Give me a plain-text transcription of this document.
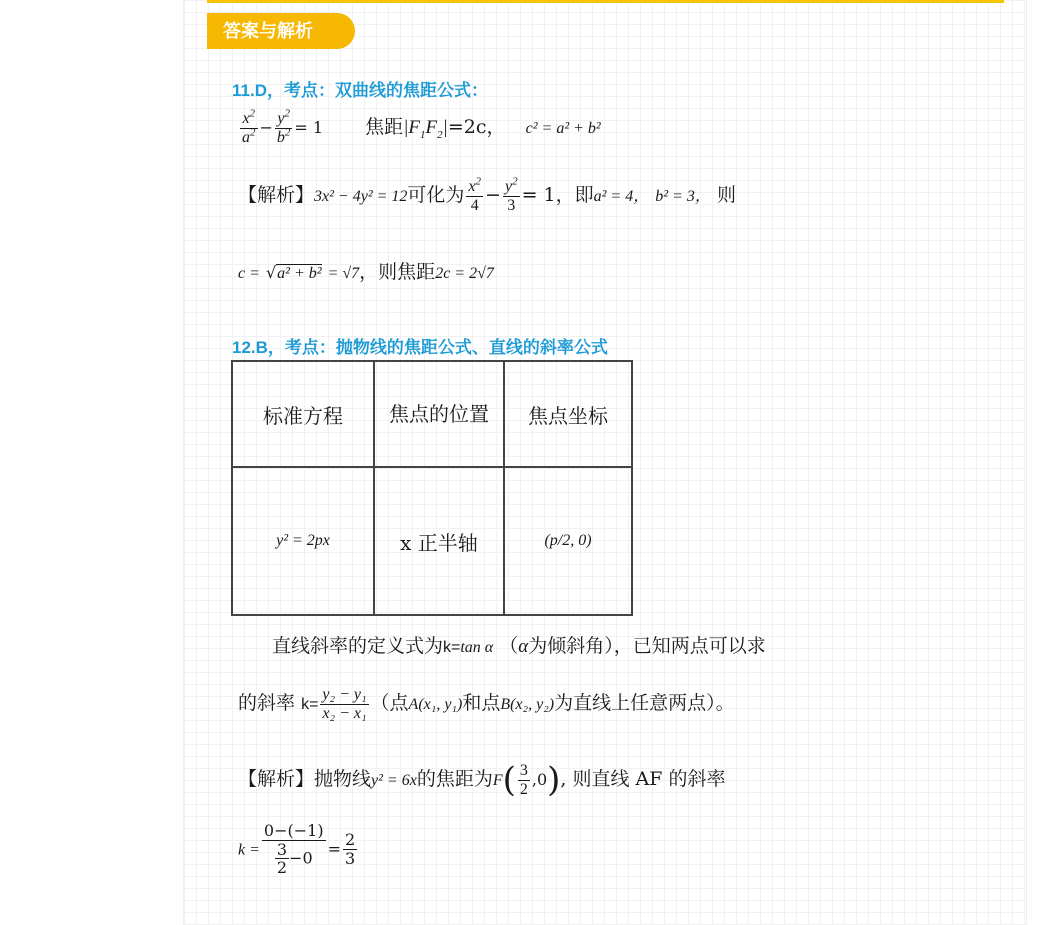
答案与解析
11.D，考点：双曲线的焦距公式：
$\frac{x^2}{a^2} - \frac{y^2}{b^2} = 1$ 焦距$|F_1F_2|=2c$， c² = a² + b²
【解析】3x² − 4y² = 12可化为 $\frac{x^2}{4} - \frac{y^2}{3} = 1$，即a² = 4， b² = 3， 则
c = √a² + b² = √7，则焦距2c = 2√7
12.B，考点：抛物线的焦距公式、直线的斜率公式
标准方程	焦点的位置	焦点坐标
y² = 2px	x 正半轴	(p/2, 0)
直线斜率的定义式为k=tan α （α为倾斜角），已知两点可以求
的斜率 $k= \frac{\text{y₂ − y₁}}{\text{x₂ − x₁}}$ （点A(x₁, y₁)和点B(x₂, y₂)为直线上任意两点）。
【解析】抛物线y² = 6x的焦距为$F( \frac{3}{2} ,0)$, 则直线 AF 的斜率
$k = \frac{0-(-1)}{\frac{3}{2} -0} = \frac{2}{3}$
